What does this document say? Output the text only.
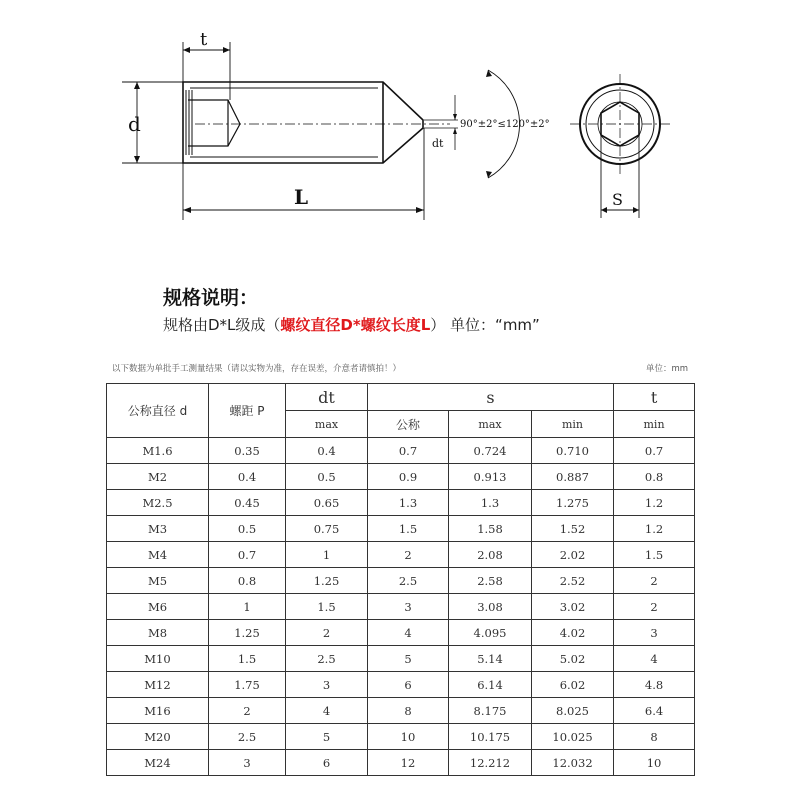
t
d
L
dt
90°±2°≤120°±2°
S
规格说明：
规格由D*L级成（螺纹直径D*螺纹长度L） 单位：“mm”
以下数据为单批手工测量结果（请以实物为准，存在误差，介意者请慎拍！）	单位：mm
公称直径 d	螺距 P	dt	s			t
		max	公称	max	min	min
M1.6	0.35	0.4	0.7	0.724	0.710	0.7
M2	0.4	0.5	0.9	0.913	0.887	0.8
M2.5	0.45	0.65	1.3	1.3	1.275	1.2
M3	0.5	0.75	1.5	1.58	1.52	1.2
M4	0.7	1	2	2.08	2.02	1.5
M5	0.8	1.25	2.5	2.58	2.52	2
M6	1	1.5	3	3.08	3.02	2
M8	1.25	2	4	4.095	4.02	3
M10	1.5	2.5	5	5.14	5.02	4
M12	1.75	3	6	6.14	6.02	4.8
M16	2	4	8	8.175	8.025	6.4
M20	2.5	5	10	10.175	10.025	8
M24	3	6	12	12.212	12.032	10
